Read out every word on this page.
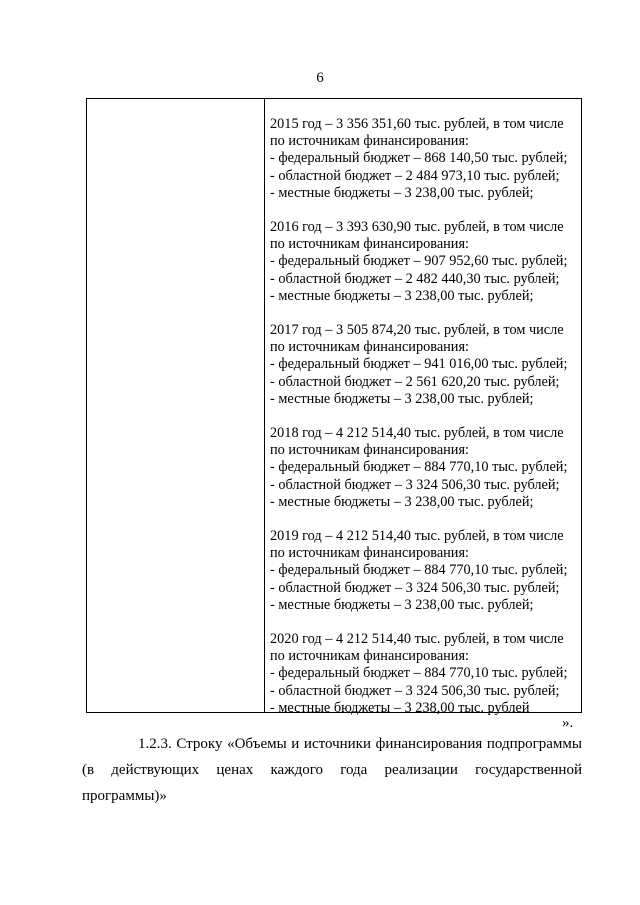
6
2015 год – 3 356 351,60 тыс. рублей, в том числе
по источникам финансирования:
- федеральный бюджет – 868 140,50 тыс. рублей;
- областной бюджет – 2 484 973,10 тыс. рублей;
- местные бюджеты – 3 238,00 тыс. рублей;
2016 год – 3 393 630,90 тыс. рублей, в том числе
по источникам финансирования:
- федеральный бюджет – 907 952,60 тыс. рублей;
- областной бюджет – 2 482 440,30 тыс. рублей;
- местные бюджеты – 3 238,00 тыс. рублей;
2017 год – 3 505 874,20 тыс. рублей, в том числе
по источникам финансирования:
- федеральный бюджет – 941 016,00 тыс. рублей;
- областной бюджет – 2 561 620,20 тыс. рублей;
- местные бюджеты – 3 238,00 тыс. рублей;
2018 год – 4 212 514,40 тыс. рублей, в том числе
по источникам финансирования:
- федеральный бюджет – 884 770,10 тыс. рублей;
- областной бюджет – 3 324 506,30 тыс. рублей;
- местные бюджеты – 3 238,00 тыс. рублей;
2019 год – 4 212 514,40 тыс. рублей, в том числе
по источникам финансирования:
- федеральный бюджет – 884 770,10 тыс. рублей;
- областной бюджет – 3 324 506,30 тыс. рублей;
- местные бюджеты – 3 238,00 тыс. рублей;
2020 год – 4 212 514,40 тыс. рублей, в том числе
по источникам финансирования:
- федеральный бюджет – 884 770,10 тыс. рублей;
- областной бюджет – 3 324 506,30 тыс. рублей;
- местные бюджеты – 3 238,00 тыс. рублей
».
1.2.3. Строку «Объемы и источники финансирования подпрограммы (в действующих ценах каждого года реализации государственной программы)»
